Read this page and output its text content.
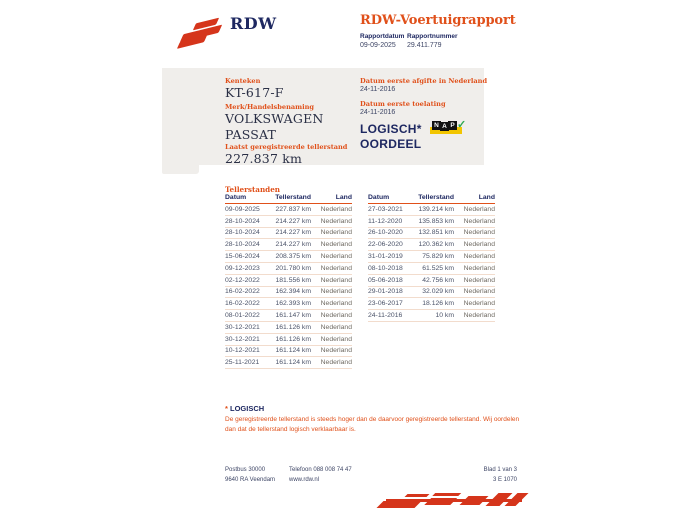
RDW	RDW-Voertuigrapport
Rapportdatum Rapportnummer
09-09-2025 29.411.779
Kenteken
KT-617-F
Merk/Handelsbenaming
VOLKSWAGEN
PASSAT
Laatst geregistreerde tellerstand
227.837 km
Datum eerste afgifte in Nederland
24-11-2016
Datum eerste toelating
24-11-2016
LOGISCH*
OORDEEL
N A P ✓
Tellerstanden
Datum	Tellerstand	Land
09-09-2025	227.837 km	Nederland
28-10-2024	214.227 km	Nederland
28-10-2024	214.227 km	Nederland
28-10-2024	214.227 km	Nederland
15-06-2024	208.375 km	Nederland
09-12-2023	201.780 km	Nederland
02-12-2022	181.556 km	Nederland
16-02-2022	162.394 km	Nederland
16-02-2022	162.393 km	Nederland
08-01-2022	161.147 km	Nederland
30-12-2021	161.126 km	Nederland
30-12-2021	161.126 km	Nederland
10-12-2021	161.124 km	Nederland
25-11-2021	161.124 km	Nederland
Datum	Tellerstand	Land
27-03-2021	139.214 km	Nederland
11-12-2020	135.853 km	Nederland
26-10-2020	132.851 km	Nederland
22-06-2020	120.362 km	Nederland
31-01-2019	75.829 km	Nederland
08-10-2018	61.525 km	Nederland
05-06-2018	42.756 km	Nederland
29-01-2018	32.029 km	Nederland
23-06-2017	18.126 km	Nederland
24-11-2016	10 km	Nederland
* LOGISCH
De geregistreerde tellerstand is steeds hoger dan de daarvoor geregistreerde tellerstand. Wij oordelen dan dat de tellerstand logisch verklaarbaar is.
Postbus 30000
9640 RA Veendam
Telefoon 088 008 74 47
www.rdw.nl
Blad 1 van 3
3 E 1070
